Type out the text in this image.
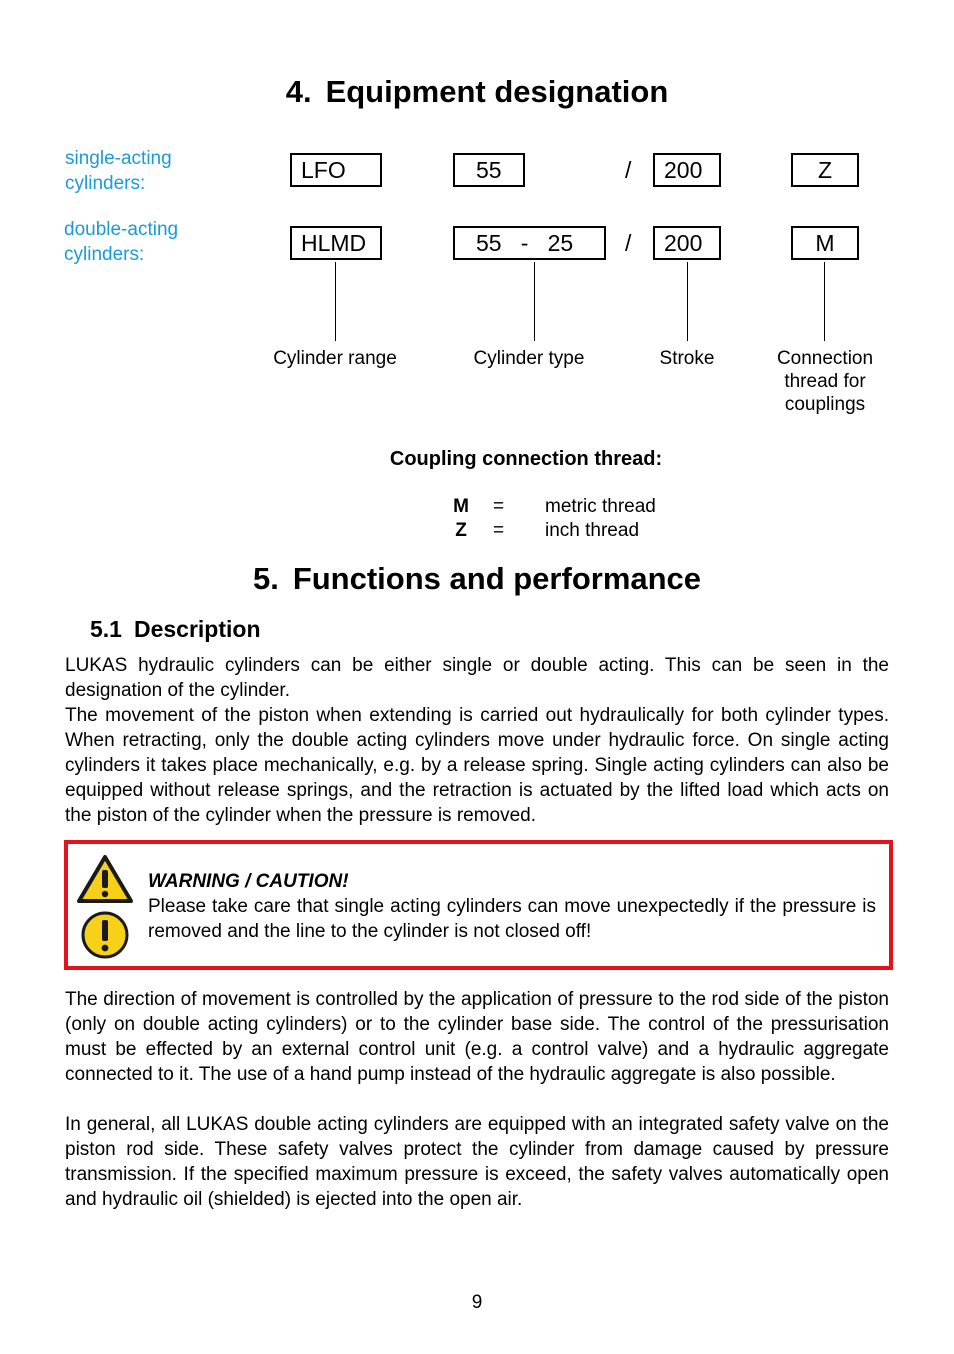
4. Equipment designation
single-acting cylinders:
double-acting cylinders:
LFO	55	/	200	Z
HLMD	55   -   25	/	200	M
Cylinder range	Cylinder type	Stroke	Connection thread for couplings
Coupling connection thread:
M = metric thread
Z = inch thread
5. Functions and performance
5.1 Description

LUKAS hydraulic cylinders can be either single or double acting. This can be seen in the designation of the cylinder.

The movement of the piston when extending is carried out hydraulically for both cylinder types. When retracting, only the double acting cylinders move under hydraulic force. On single acting cylinders it takes place mechanically, e.g. by a release spring. Single acting cylinders can also be equipped without release springs, and the retraction is actuated by the lifted load which acts on the piston of the cylinder when the pressure is removed.

WARNING / CAUTION!

Please take care that single acting cylinders can move unexpectedly if the pressure is removed and the line to the cylinder is not closed off!

The direction of movement is controlled by the application of pressure to the rod side of the piston (only on double acting cylinders) or to the cylinder base side. The control of the pressurisation must be effected by an external control unit (e.g. a control valve) and a hydraulic aggregate connected to it. The use of a hand pump instead of the hydraulic aggregate is also possible.

In general, all LUKAS double acting cylinders are equipped with an integrated safety valve on the piston rod side. These safety valves protect the cylinder from damage caused by pressure transmission. If the specified maximum pressure is exceed, the safety valves automatically open and hydraulic oil (shielded) is ejected into the open air.

9
